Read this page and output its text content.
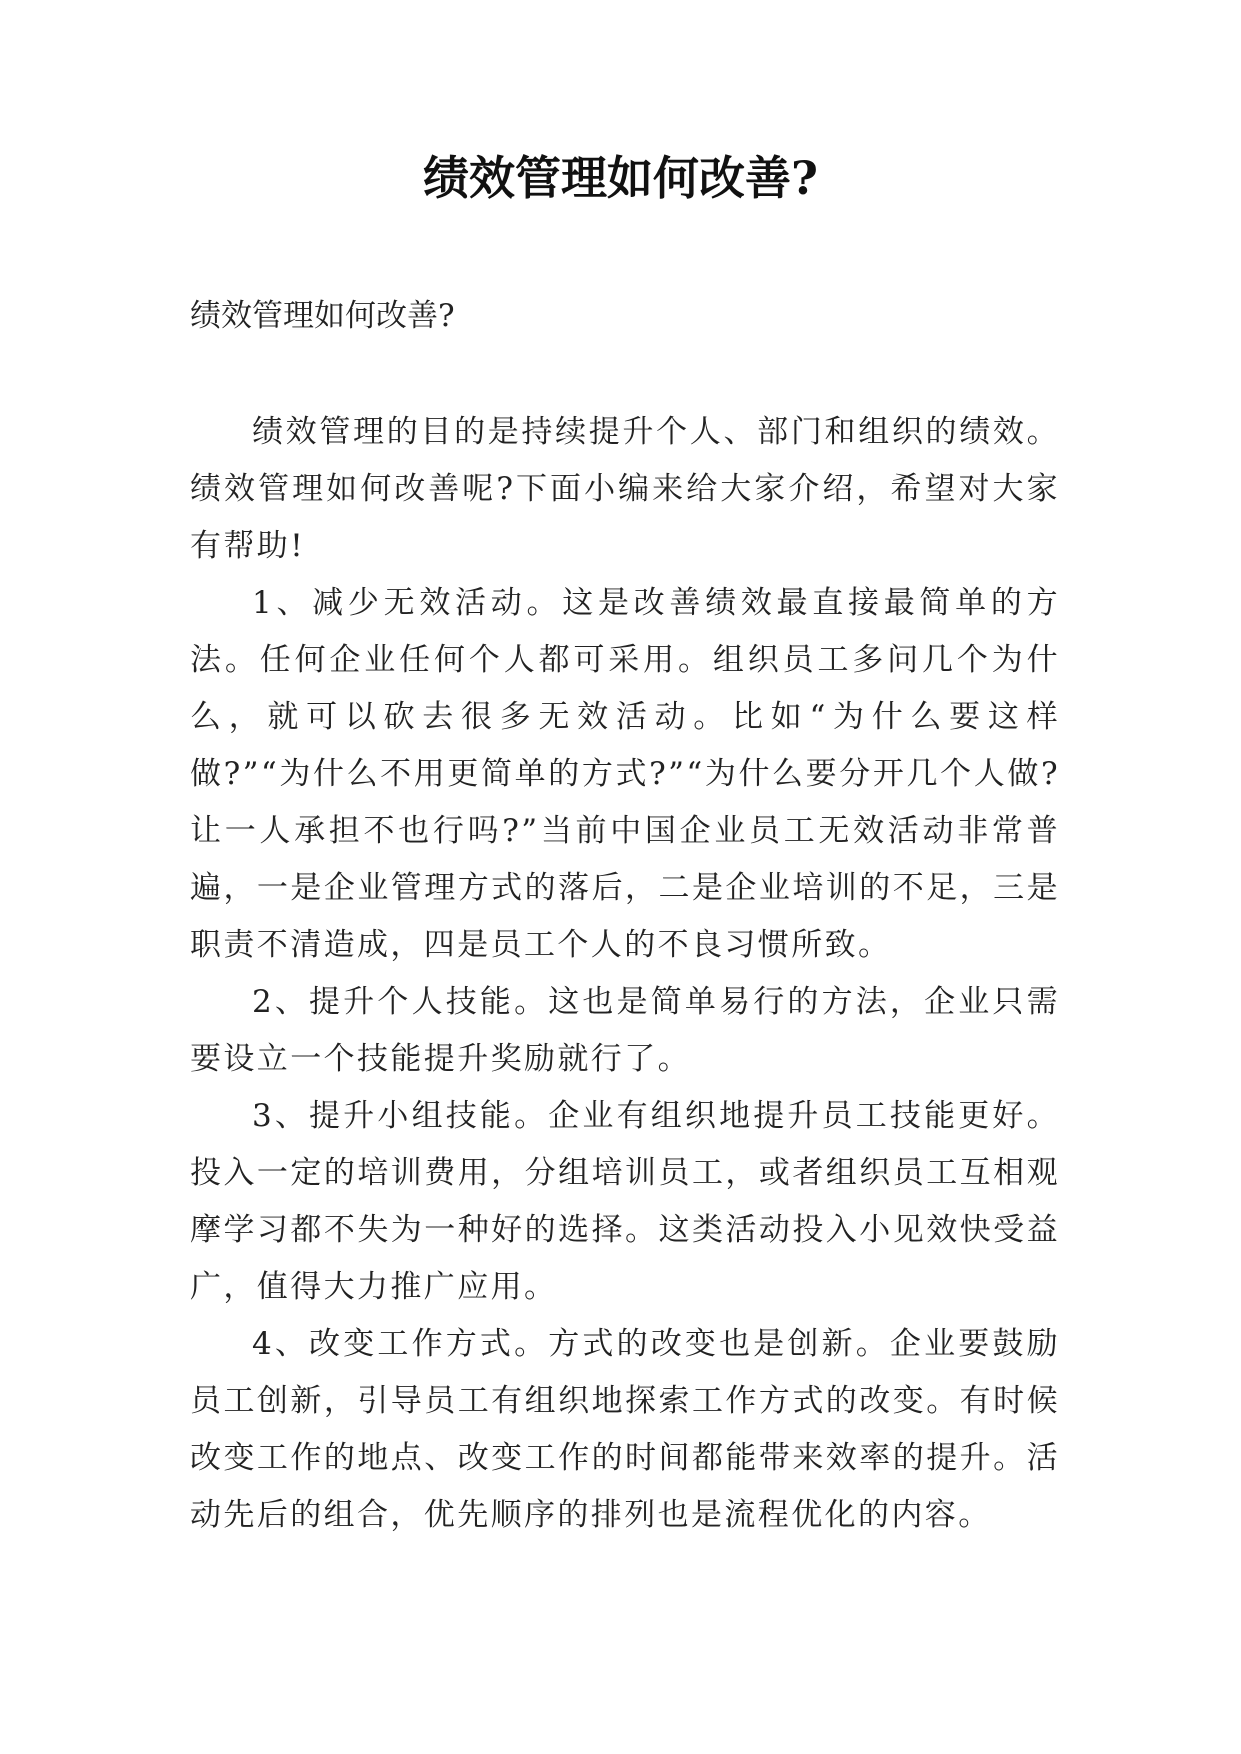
绩效管理如何改善?

绩效管理如何改善?

绩效管理的目的是持续提升个人、部门和组织的绩效。绩效管理如何改善呢?下面小编来给大家介绍，希望对大家有帮助!

1、减少无效活动。这是改善绩效最直接最简单的方法。任何企业任何个人都可采用。组织员工多问几个为什么，就可以砍去很多无效活动。比如“为什么要这样做?”“为什么不用更简单的方式?”“为什么要分开几个人做?让一人承担不也行吗?”当前中国企业员工无效活动非常普遍，一是企业管理方式的落后，二是企业培训的不足，三是职责不清造成，四是员工个人的不良习惯所致。

2、提升个人技能。这也是简单易行的方法，企业只需要设立一个技能提升奖励就行了。

3、提升小组技能。企业有组织地提升员工技能更好。投入一定的培训费用，分组培训员工，或者组织员工互相观摩学习都不失为一种好的选择。这类活动投入小见效快受益广，值得大力推广应用。

4、改变工作方式。方式的改变也是创新。企业要鼓励员工创新，引导员工有组织地探索工作方式的改变。有时候改变工作的地点、改变工作的时间都能带来效率的提升。活动先后的组合，优先顺序的排列也是流程优化的内容。
